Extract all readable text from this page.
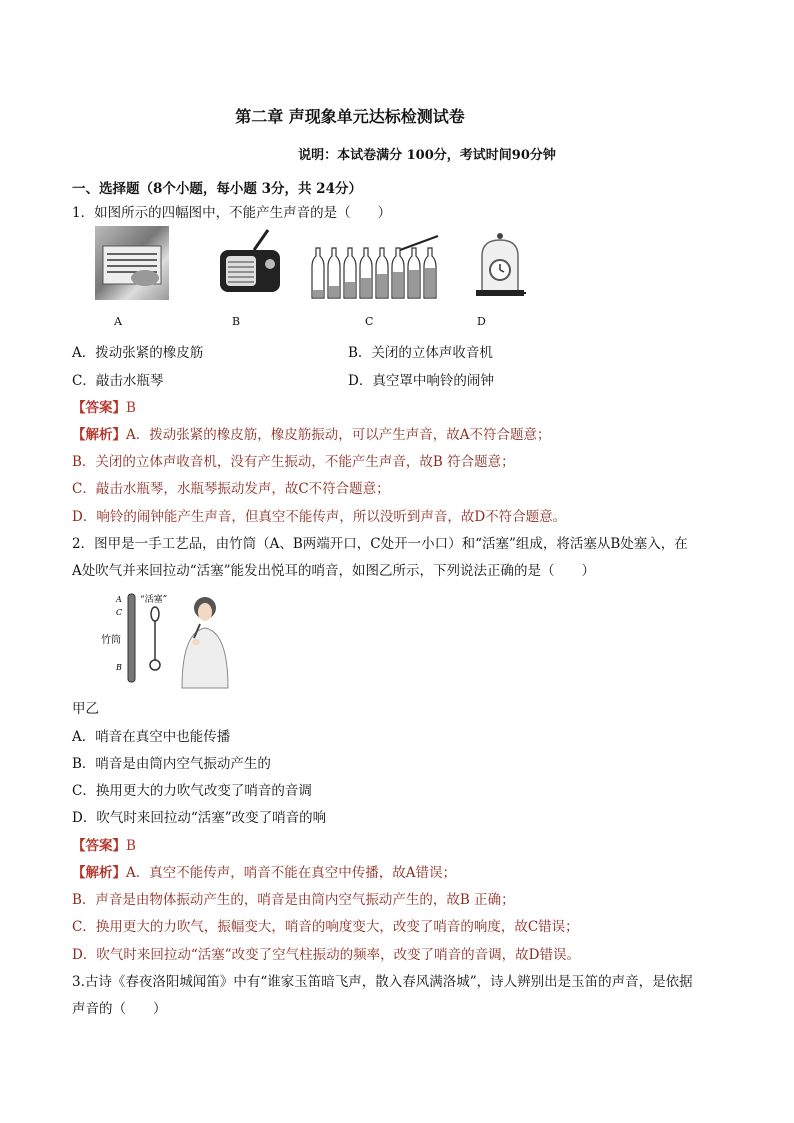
第二章 声现象单元达标检测试卷
说明：本试卷满分 100分，考试时间90分钟
一、选择题（8个小题，每小题 3分，共 24分）
1．如图所示的四幅图中，不能产生声音的是（　　）
A	B	C	D
A．拨动张紧的橡皮筋	B．关闭的立体声收音机
C．敲击水瓶琴	D．真空罩中响铃的闹钟
【答案】B
【解析】A．拨动张紧的橡皮筋，橡皮筋振动，可以产生声音，故A不符合题意；
B．关闭的立体声收音机，没有产生振动，不能产生声音，故B 符合题意；
C．敲击水瓶琴，水瓶琴振动发声，故C不符合题意；
D．响铃的闹钟能产生声音，但真空不能传声，所以没听到声音，故D不符合题意。
2．图甲是一手工艺品，由竹筒（A、B两端开口，C处开一小口）和“活塞”组成，将活塞从B处塞入，在
A处吹气并来回拉动“活塞”能发出悦耳的哨音，如图乙所示，下列说法正确的是（　　）
A
C
B
竹筒
“活塞”
甲乙
A．哨音在真空中也能传播
B．哨音是由筒内空气振动产生的
C．换用更大的力吹气改变了哨音的音调
D．吹气时来回拉动“活塞”改变了哨音的响
【答案】B
【解析】A．真空不能传声，哨音不能在真空中传播，故A错误；
B．声音是由物体振动产生的，哨音是由筒内空气振动产生的，故B 正确；
C．换用更大的力吹气，振幅变大，哨音的响度变大，改变了哨音的响度，故C错误；
D．吹气时来回拉动“活塞”改变了空气柱振动的频率，改变了哨音的音调，故D错误。
3.古诗《春夜洛阳城闻笛》中有“谁家玉笛暗飞声，散入春风满洛城”，诗人辨别出是玉笛的声音，是依据
声音的（　　）
